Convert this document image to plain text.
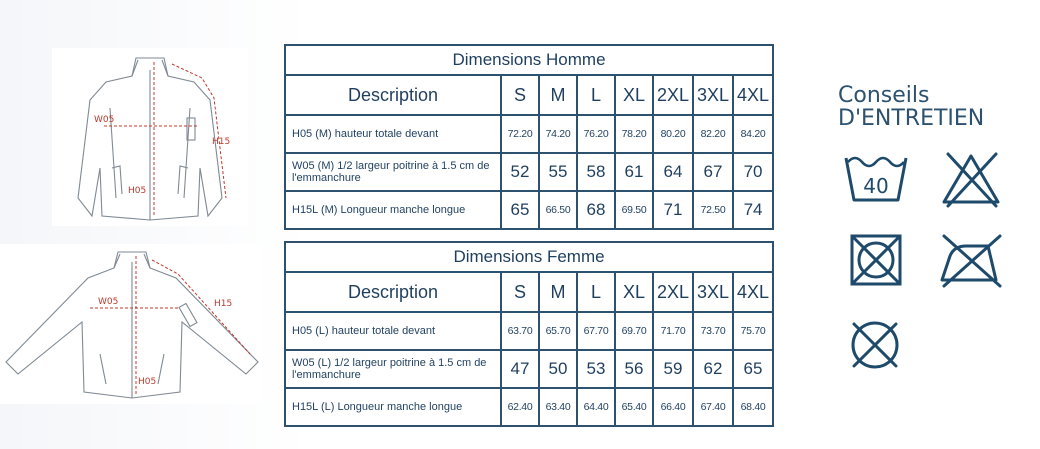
W05
H05
H15
W05
H05
H15
Dimensions Homme							
Description	S	M	L	XL	2XL	3XL	4XL
H05 (M) hauteur totale devant	72.20	74.20	76.20	78.20	80.20	82.20	84.20
W05 (M) 1/2 largeur poitrine à 1.5 cm de l'emmanchure	52	55	58	61	64	67	70
H15L (M) Longueur manche longue	65	66.50	68	69.50	71	72.50	74
Dimensions Femme							
Description	S	M	L	XL	2XL	3XL	4XL
H05 (L) hauteur totale devant	63.70	65.70	67.70	69.70	71.70	73.70	75.70
W05 (L) 1/2 largeur poitrine à 1.5 cm de l'emmanchure	47	50	53	56	59	62	65
H15L (L) Longueur manche longue	62.40	63.40	64.40	65.40	66.40	67.40	68.40
Conseils
D'ENTRETIEN
40
